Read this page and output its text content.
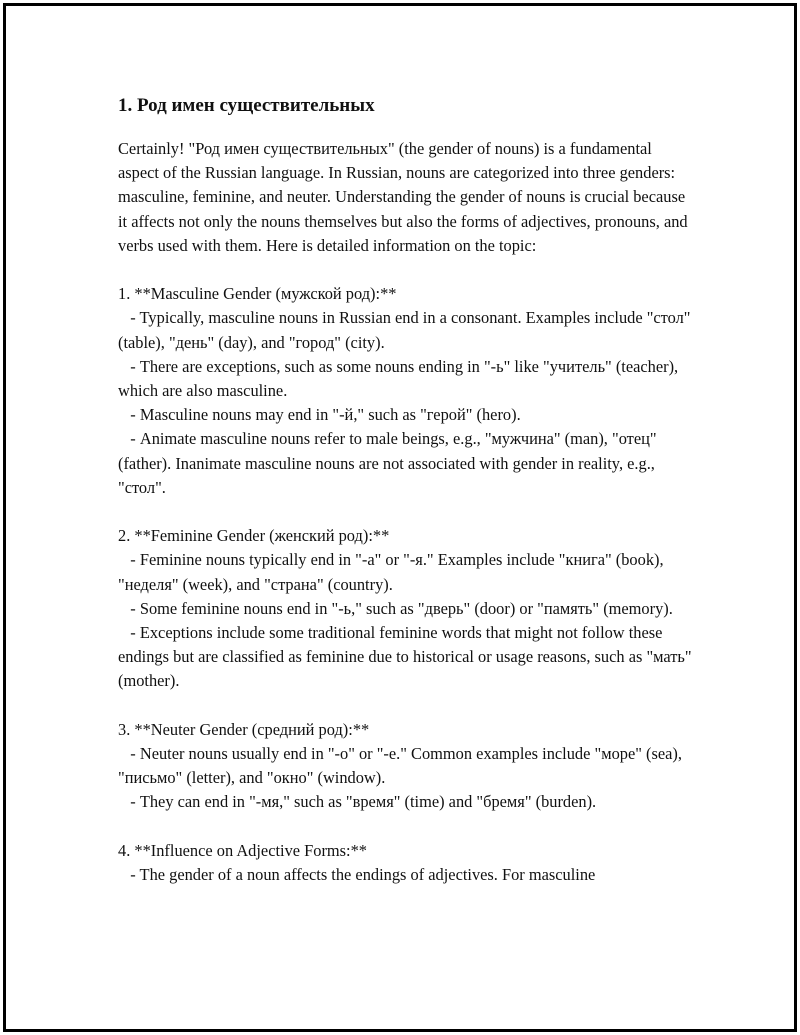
1. Род имен существительных
Certainly! "Род имен существительных" (the gender of nouns) is a fundamental aspect of the Russian language. In Russian, nouns are categorized into three genders: masculine, feminine, and neuter. Understanding the gender of nouns is crucial because it affects not only the nouns themselves but also the forms of adjectives, pronouns, and verbs used with them. Here is detailed information on the topic:
1. **Masculine Gender (мужской род):**
- Typically, masculine nouns in Russian end in a consonant. Examples include "стол" (table), "день" (day), and "город" (city).
- There are exceptions, such as some nouns ending in "-ь" like "учитель" (teacher), which are also masculine.
- Masculine nouns may end in "-й," such as "герой" (hero).
- Animate masculine nouns refer to male beings, e.g., "мужчина" (man), "отец" (father). Inanimate masculine nouns are not associated with gender in reality, e.g., "стол".
2. **Feminine Gender (женский род):**
- Feminine nouns typically end in "-а" or "-я." Examples include "книга" (book), "неделя" (week), and "страна" (country).
- Some feminine nouns end in "-ь," such as "дверь" (door) or "память" (memory).
- Exceptions include some traditional feminine words that might not follow these endings but are classified as feminine due to historical or usage reasons, such as "мать" (mother).
3. **Neuter Gender (средний род):**
- Neuter nouns usually end in "-о" or "-е." Common examples include "море" (sea), "письмо" (letter), and "окно" (window).
- They can end in "-мя," such as "время" (time) and "бремя" (burden).
4. **Influence on Adjective Forms:**
- The gender of a noun affects the endings of adjectives. For masculine
